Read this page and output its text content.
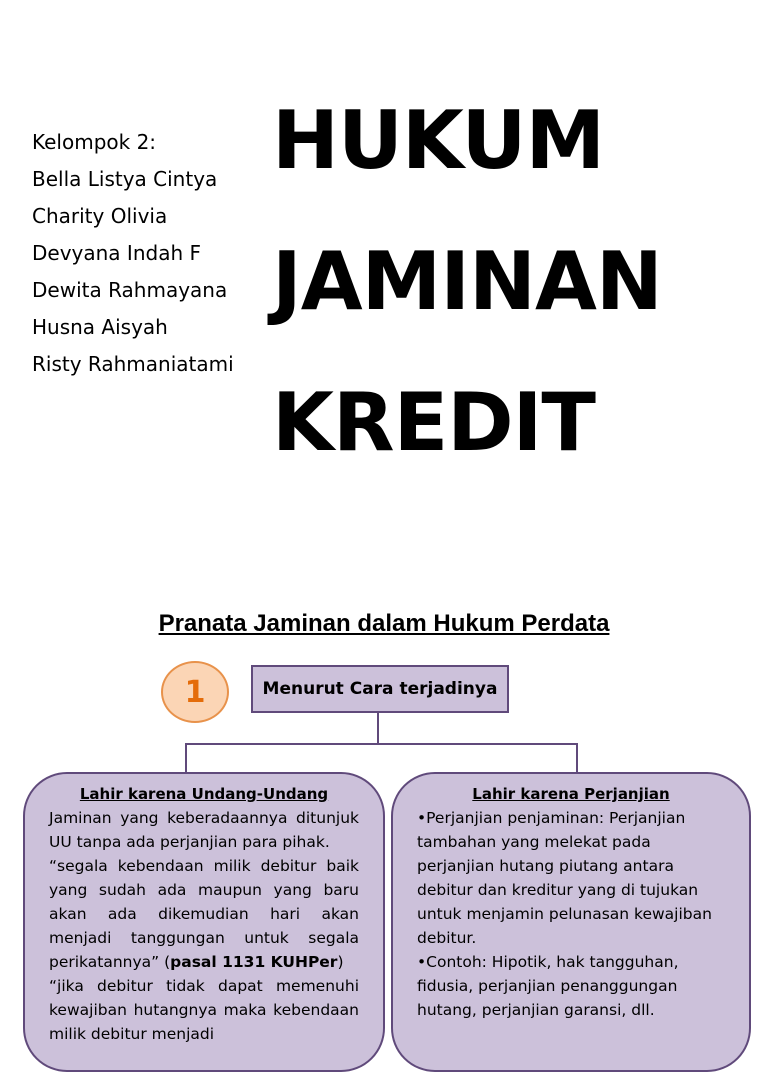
Kelompok 2:
Bella Listya Cintya
Charity Olivia
Devyana Indah F
Dewita Rahmayana
Husna Aisyah
Risty Rahmaniatami
HUKUM
JAMINAN
KREDIT
Pranata Jaminan dalam Hukum Perdata
1	Menurut Cara terjadinya
Lahir karena Undang-Undang
Jaminan yang keberadaannya ditunjuk UU tanpa ada perjanjian para pihak.
“segala kebendaan milik debitur baik yang sudah ada maupun yang baru akan ada dikemudian hari akan menjadi tanggungan untuk segala perikatannya” (pasal 1131 KUHPer)
“jika debitur tidak dapat memenuhi kewajiban hutangnya maka kebendaan milik debitur menjadi
Lahir karena Perjanjian
•Perjanjian penjaminan: Perjanjian tambahan yang melekat pada perjanjian hutang piutang antara debitur dan kreditur yang di tujukan untuk menjamin pelunasan kewajiban debitur.
•Contoh: Hipotik, hak tangguhan, fidusia, perjanjian penanggungan hutang, perjanjian garansi, dll.
